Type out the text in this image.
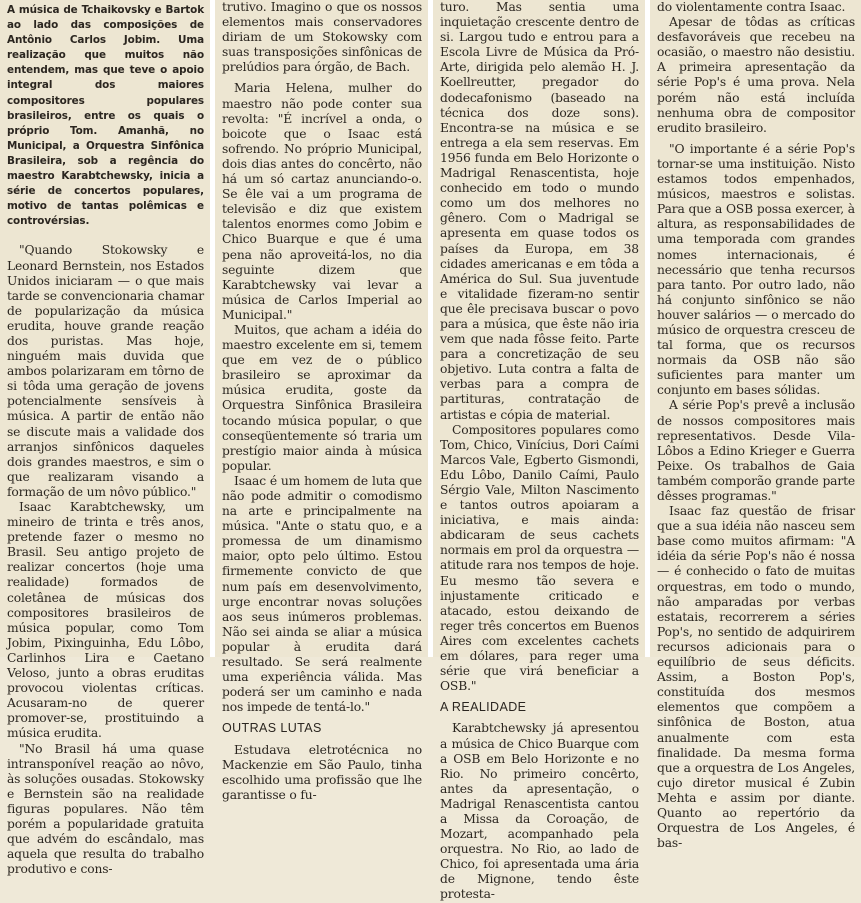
A música de Tchaikovsky e Bartok ao lado das composições de Antônio Carlos Jobim. Uma realização que muitos não entendem, mas que teve o apoio integral dos maiores compositores populares brasileiros, entre os quais o próprio Tom. Amanhã, no Municipal, a Orquestra Sinfônica Brasileira, sob a regência do maestro Karabtchewsky, inicia a série de concertos populares, motivo de tantas polêmicas e controvérsias.

"Quando Stokowsky e Leonard Bernstein, nos Estados Unidos iniciaram — o que mais tarde se convencionaria chamar de popularização da música erudita, houve grande reação dos puristas. Mas hoje, ninguém mais duvida que ambos polarizaram em tôrno de si tôda uma geração de jovens potencialmente sensíveis à música. A partir de então não se discute mais a validade dos arranjos sinfônicos daqueles dois grandes maestros, e sim o que realizaram visando a formação de um nôvo público."

Isaac Karabtchewsky, um mineiro de trinta e três anos, pretende fazer o mesmo no Brasil. Seu antigo projeto de realizar concertos (hoje uma realidade) formados de coletânea de músicas dos compositores brasileiros de música popular, como Tom Jobim, Pixinguinha, Edu Lôbo, Carlinhos Lira e Caetano Veloso, junto a obras eruditas provocou violentas críticas. Acusaram-no de querer promover-se, prostituindo a música erudita.

"No Brasil há uma quase intransponível reação ao nôvo, às soluções ousadas. Stokowsky e Bernstein são na realidade figuras populares. Não têm porém a popularidade gratuita que advém do escândalo, mas aquela que resulta do trabalho produtivo e cons-

trutivo. Imagino o que os nossos elementos mais conservadores diriam de um Stokowsky com suas transposições sinfônicas de prelúdios para órgão, de Bach.

Maria Helena, mulher do maestro não pode conter sua revolta: "É incrível a onda, o boicote que o Isaac está sofrendo. No próprio Municipal, dois dias antes do concêrto, não há um só cartaz anunciando-o. Se êle vai a um programa de televisão e diz que existem talentos enormes como Jobim e Chico Buarque e que é uma pena não aproveitá-los, no dia seguinte dizem que Karabtchewsky vai levar a música de Carlos Imperial ao Municipal."

Muitos, que acham a idéia do maestro excelente em si, temem que em vez de o público brasileiro se aproximar da música erudita, goste da Orquestra Sinfônica Brasileira tocando música popular, o que conseqüentemente só traria um prestígio maior ainda à música popular.

Isaac é um homem de luta que não pode admitir o comodismo na arte e principalmente na música. "Ante o statu quo, e a promessa de um dinamismo maior, opto pelo último. Estou firmemente convicto de que num país em desenvolvimento, urge encontrar novas soluções aos seus inúmeros problemas. Não sei ainda se aliar a música popular à erudita dará resultado. Se será realmente uma experiência válida. Mas poderá ser um caminho e nada nos impede de tentá-lo."

OUTRAS LUTAS

Estudava eletrotécnica no Mackenzie em São Paulo, tinha escolhido uma profissão que lhe garantisse o fu-

turo. Mas sentia uma inquietação crescente dentro de si. Largou tudo e entrou para a Escola Livre de Música da Pró-Arte, dirigida pelo alemão H. J. Koellreutter, pregador do dodecafonismo (baseado na técnica dos doze sons). Encontra-se na música e se entrega a ela sem reservas. Em 1956 funda em Belo Horizonte o Madrigal Renascentista, hoje conhecido em todo o mundo como um dos melhores no gênero. Com o Madrigal se apresenta em quase todos os países da Europa, em 38 cidades americanas e em tôda a América do Sul. Sua juventude e vitalidade fizeram-no sentir que êle precisava buscar o povo para a música, que êste não iria vem que nada fôsse feito. Parte para a concretização de seu objetivo. Luta contra a falta de verbas para a compra de partituras, contratação de artistas e cópia de material.

Compositores populares como Tom, Chico, Vinícius, Dori Caími Marcos Vale, Egberto Gismondi, Edu Lôbo, Danilo Caími, Paulo Sérgio Vale, Milton Nascimento e tantos outros apoiaram a iniciativa, e mais ainda: abdicaram de seus cachets normais em prol da orquestra — atitude rara nos tempos de hoje. Eu mesmo tão severa e injustamente criticado e atacado, estou deixando de reger três concertos em Buenos Aires com excelentes cachets em dólares, para reger uma série que virá beneficiar a OSB."

A REALIDADE

Karabtchewsky já apresentou a música de Chico Buarque com a OSB em Belo Horizonte e no Rio. No primeiro concêrto, antes da apresentação, o Madrigal Renascentista cantou a Missa da Coroação, de Mozart, acompanhado pela orquestra. No Rio, ao lado de Chico, foi apresentada uma ária de Mignone, tendo êste protesta-

do violentamente contra Isaac.

Apesar de tôdas as críticas desfavoráveis que recebeu na ocasião, o maestro não desistiu. A primeira apresentação da série Pop's é uma prova. Nela porém não está incluída nenhuma obra de compositor erudito brasileiro.

"O importante é a série Pop's tornar-se uma instituição. Nisto estamos todos empenhados, músicos, maestros e solistas. Para que a OSB possa exercer, à altura, as responsabilidades de uma temporada com grandes nomes internacionais, é necessário que tenha recursos para tanto. Por outro lado, não há conjunto sinfônico se não houver salários — o mercado do músico de orquestra cresceu de tal forma, que os recursos normais da OSB não são suficientes para manter um conjunto em bases sólidas.

A série Pop's prevê a inclusão de nossos compositores mais representativos. Desde Vila-Lôbos a Edino Krieger e Guerra Peixe. Os trabalhos de Gaia também comporão grande parte dêsses programas."

Isaac faz questão de frisar que a sua idéia não nasceu sem base como muitos afirmam: "A idéia da série Pop's não é nossa — é conhecido o fato de muitas orquestras, em todo o mundo, não amparadas por verbas estatais, recorrerem a séries Pop's, no sentido de adquirirem recursos adicionais para o equilíbrio de seus déficits. Assim, a Boston Pop's, constituída dos mesmos elementos que compõem a sinfônica de Boston, atua anualmente com esta finalidade. Da mesma forma que a orquestra de Los Angeles, cujo diretor musical é Zubin Mehta e assim por diante. Quanto ao repertório da Orquestra de Los Angeles, é bas-
